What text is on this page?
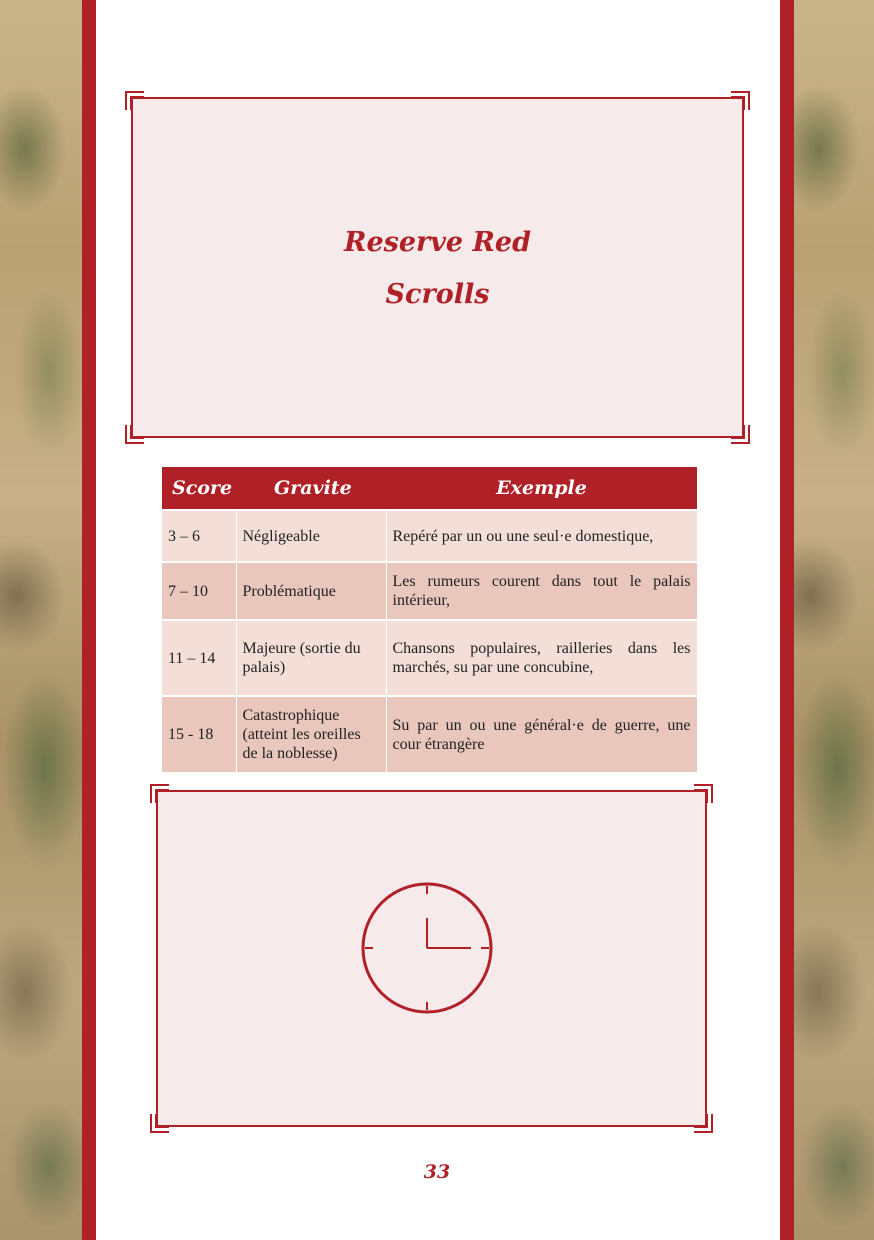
Reserve Red
Scrolls
Score	Gravite	Exemple
3 – 6	Négligeable	Repéré par un ou une seul·e domestique,
7 – 10	Problématique	Les rumeurs courent dans tout le palais intérieur,
11 – 14	Majeure (sortie du palais)	Chansons populaires, railleries dans les marchés, su par une concubine,
15 - 18	Catastrophique (atteint les oreilles de la noblesse)	Su par un ou une général·e de guerre, une cour étrangère
33
